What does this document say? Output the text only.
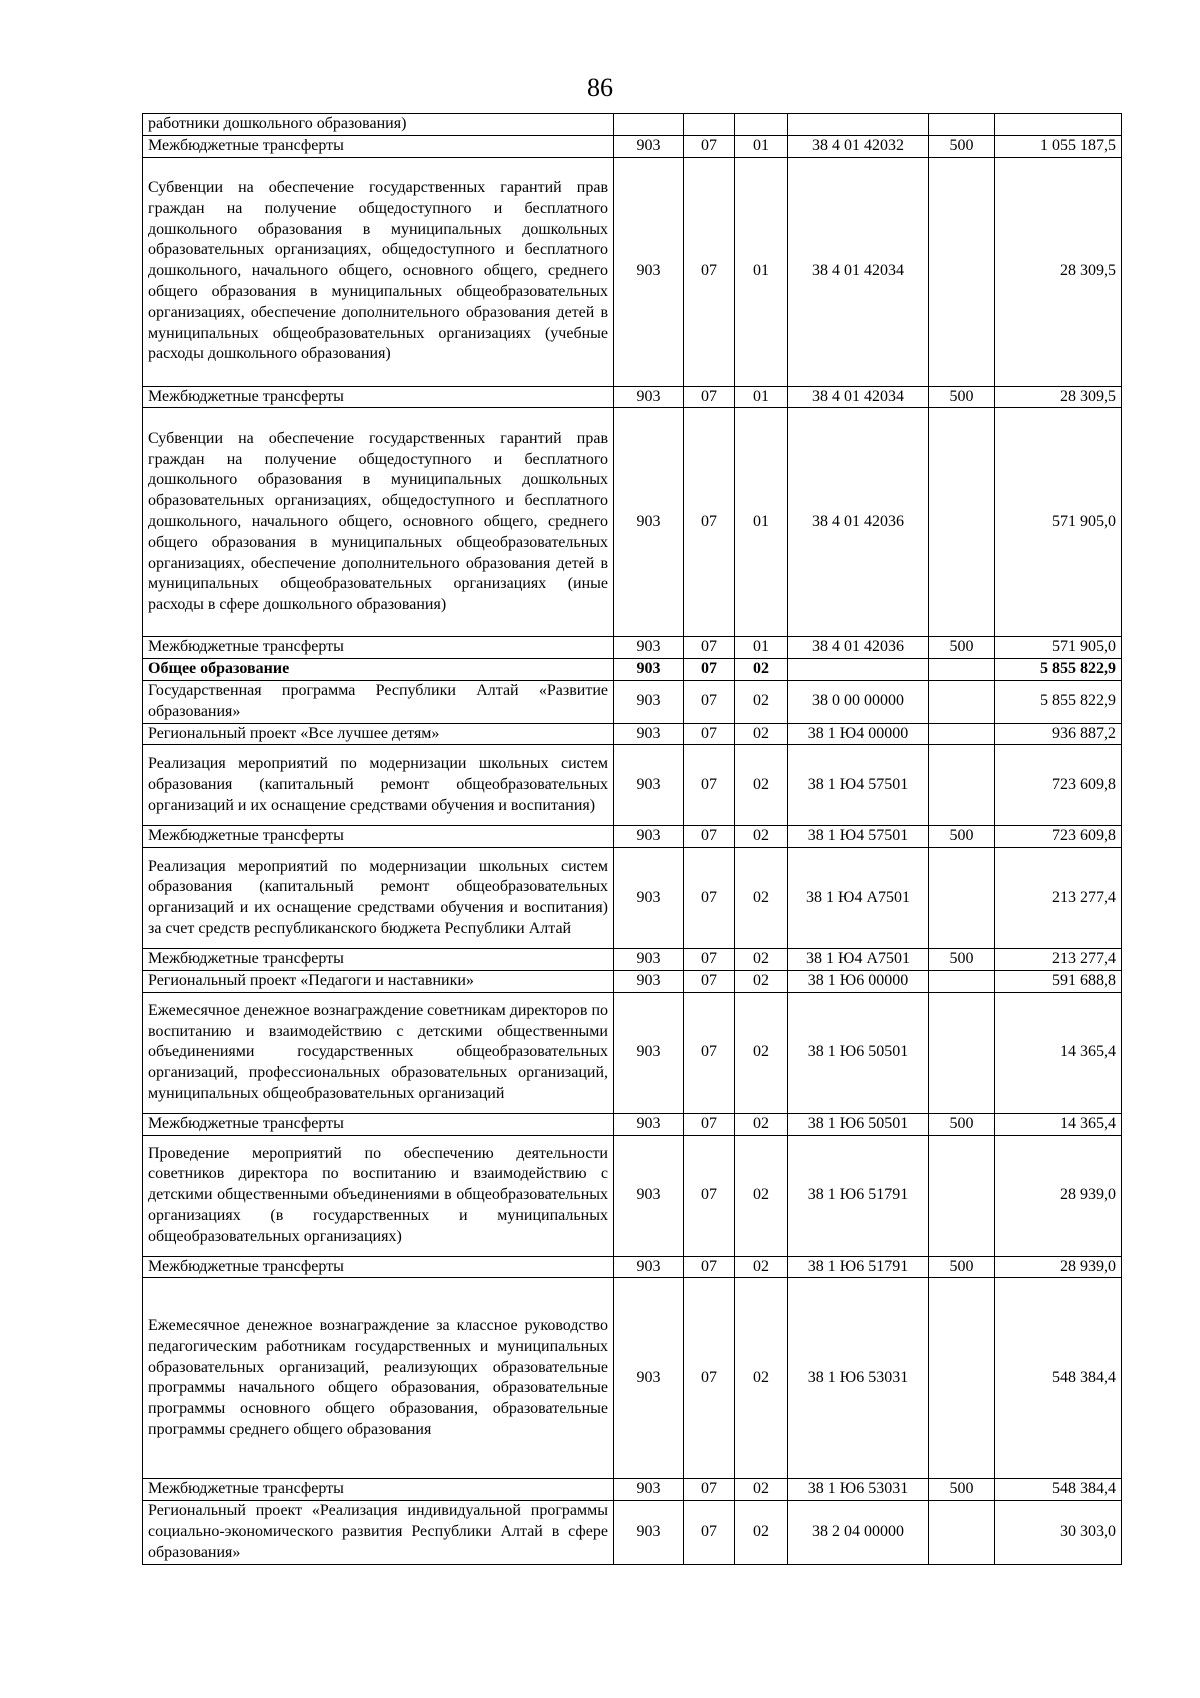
86
работники дошкольного образования)						
Межбюджетные трансферты	903	07	01	38 4 01 42032	500	1 055 187,5
Субвенции на обеспечение государственных гарантий прав граждан на получение общедоступного и бесплатного дошкольного образования в муниципальных дошкольных образовательных организациях, общедоступного и бесплатного дошкольного, начального общего, основного общего, среднего общего образования в муниципальных общеобразовательных организациях, обеспечение дополнительного образования детей в муниципальных общеобразовательных организациях (учебные расходы дошкольного образования)	903	07	01	38 4 01 42034		28 309,5
Межбюджетные трансферты	903	07	01	38 4 01 42034	500	28 309,5
Субвенции на обеспечение государственных гарантий прав граждан на получение общедоступного и бесплатного дошкольного образования в муниципальных дошкольных образовательных организациях, общедоступного и бесплатного дошкольного, начального общего, основного общего, среднего общего образования в муниципальных общеобразовательных организациях, обеспечение дополнительного образования детей в муниципальных общеобразовательных организациях (иные расходы в сфере дошкольного образования)	903	07	01	38 4 01 42036		571 905,0
Межбюджетные трансферты	903	07	01	38 4 01 42036	500	571 905,0
Общее образование	903	07	02			5 855 822,9
Государственная программа Республики Алтай «Развитие образования»	903	07	02	38 0 00 00000		5 855 822,9
Региональный проект «Все лучшее детям»	903	07	02	38 1 Ю4 00000		936 887,2
Реализация мероприятий по модернизации школьных систем образования (капитальный ремонт общеобразовательных организаций и их оснащение средствами обучения и воспитания)	903	07	02	38 1 Ю4 57501		723 609,8
Межбюджетные трансферты	903	07	02	38 1 Ю4 57501	500	723 609,8
Реализация мероприятий по модернизации школьных систем образования (капитальный ремонт общеобразовательных организаций и их оснащение средствами обучения и воспитания) за счет средств республиканского бюджета Республики Алтай	903	07	02	38 1 Ю4 А7501		213 277,4
Межбюджетные трансферты	903	07	02	38 1 Ю4 А7501	500	213 277,4
Региональный проект «Педагоги и наставники»	903	07	02	38 1 Ю6 00000		591 688,8
Ежемесячное денежное вознаграждение советникам директоров по воспитанию и взаимодействию с детскими общественными объединениями государственных общеобразовательных организаций, профессиональных образовательных организаций, муниципальных общеобразовательных организаций	903	07	02	38 1 Ю6 50501		14 365,4
Межбюджетные трансферты	903	07	02	38 1 Ю6 50501	500	14 365,4
Проведение мероприятий по обеспечению деятельности советников директора по воспитанию и взаимодействию с детскими общественными объединениями в общеобразовательных организациях (в государственных и муниципальных общеобразовательных организациях)	903	07	02	38 1 Ю6 51791		28 939,0
Межбюджетные трансферты	903	07	02	38 1 Ю6 51791	500	28 939,0
Ежемесячное денежное вознаграждение за классное руководство педагогическим работникам государственных и муниципальных образовательных организаций, реализующих образовательные программы начального общего образования, образовательные программы основного общего образования, образовательные программы среднего общего образования	903	07	02	38 1 Ю6 53031		548 384,4
Межбюджетные трансферты	903	07	02	38 1 Ю6 53031	500	548 384,4
Региональный проект «Реализация индивидуальной программы социально-экономического развития Республики Алтай в сфере образования»	903	07	02	38 2 04 00000		30 303,0
